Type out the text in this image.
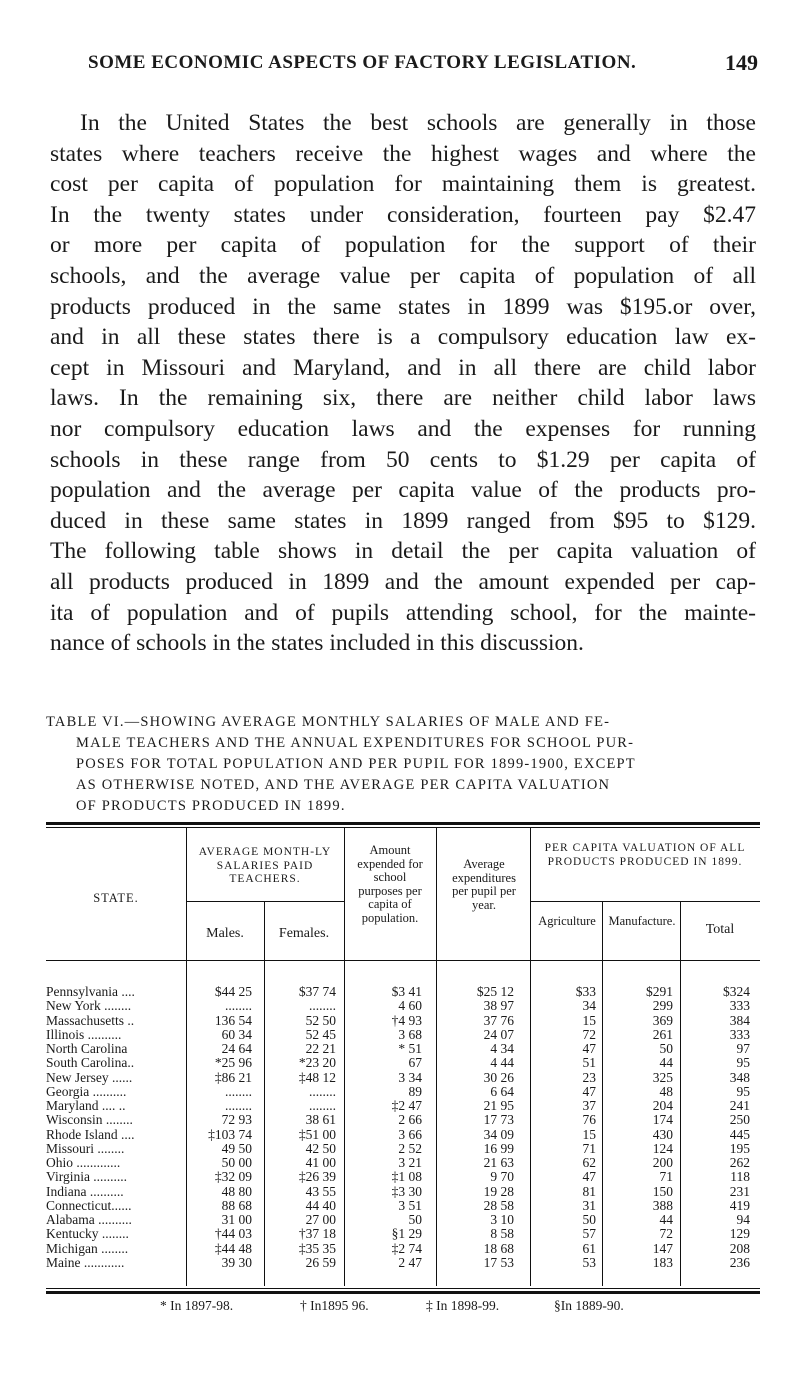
SOME ECONOMIC ASPECTS OF FACTORY LEGISLATION.	149
In the United States the best schools are generally in those
states where teachers receive the highest wages and where the
cost per capita of population for maintaining them is greatest.
In the twenty states under consideration, fourteen pay $2.47
or more per capita of population for the support of their
schools, and the average value per capita of population of all
products produced in the same states in 1899 was $195.or over,
and in all these states there is a compulsory education law ex-
cept in Missouri and Maryland, and in all there are child labor
laws. In the remaining six, there are neither child labor laws
nor compulsory education laws and the expenses for running
schools in these range from 50 cents to $1.29 per capita of
population and the average per capita value of the products pro-
duced in these same states in 1899 ranged from $95 to $129.
The following table shows in detail the per capita valuation of
all products produced in 1899 and the amount expended per cap-
ita of population and of pupils attending school, for the mainte-
nance of schools in the states included in this discussion.
TABLE VI.—SHOWING AVERAGE MONTHLY SALARIES OF MALE AND FE-
MALE TEACHERS AND THE ANNUAL EXPENDITURES FOR SCHOOL PUR-
POSES FOR TOTAL POPULATION AND PER PUPIL FOR 1899-1900, EXCEPT
AS OTHERWISE NOTED, AND THE AVERAGE PER CAPITA VALUATION
OF PRODUCTS PRODUCED IN 1899.
STATE.
AVERAGE MONTH-LY SALARIES PAID TEACHERS.
Males.	Females.
Amount expended for school purposes per capita of population.
Average expenditures per pupil per year.
PER CAPITA VALUATION OF ALL PRODUCTS PRODUCED IN 1899.
Agriculture	Manufacture.
Total
Pennsylvania ....	$44 25	$37 74	$3 41	$25 12	$33	$291	$324
New York ........	........	........	4 60	38 97	34	299	333
Massachusetts ..	136 54	52 50	†4 93	37 76	15	369	384
Illinois ..........	60 34	52 45	3 68	24 07	72	261	333
North Carolina	24 64	22 21	* 51	4 34	47	50	97
South Carolina..	*25 96	*23 20	67	4 44	51	44	95
New Jersey ......	‡86 21	‡48 12	3 34	30 26	23	325	348
Georgia ..........	........	........	89	6 64	47	48	95
Maryland .... ..	........	........	‡2 47	21 95	37	204	241
Wisconsin ........	72 93	38 61	2 66	17 73	76	174	250
Rhode Island ....	‡103 74	‡51 00	3 66	34 09	15	430	445
Missouri ........	49 50	42 50	2 52	16 99	71	124	195
Ohio .............	50 00	41 00	3 21	21 63	62	200	262
Virginia ..........	‡32 09	‡26 39	‡1 08	9 70	47	71	118
Indiana ..........	48 80	43 55	‡3 30	19 28	81	150	231
Connecticut......	88 68	44 40	3 51	28 58	31	388	419
Alabama ..........	31 00	27 00	50	3 10	50	44	94
Kentucky ........	†44 03	†37 18	§1 29	8 58	57	72	129
Michigan ........	‡44 48	‡35 35	‡2 74	18 68	61	147	208
Maine ............	39 30	26 59	2 47	17 53	53	183	236
* In 1897-98.	† In1895 96.	‡ In 1898-99.	§In 1889-90.
